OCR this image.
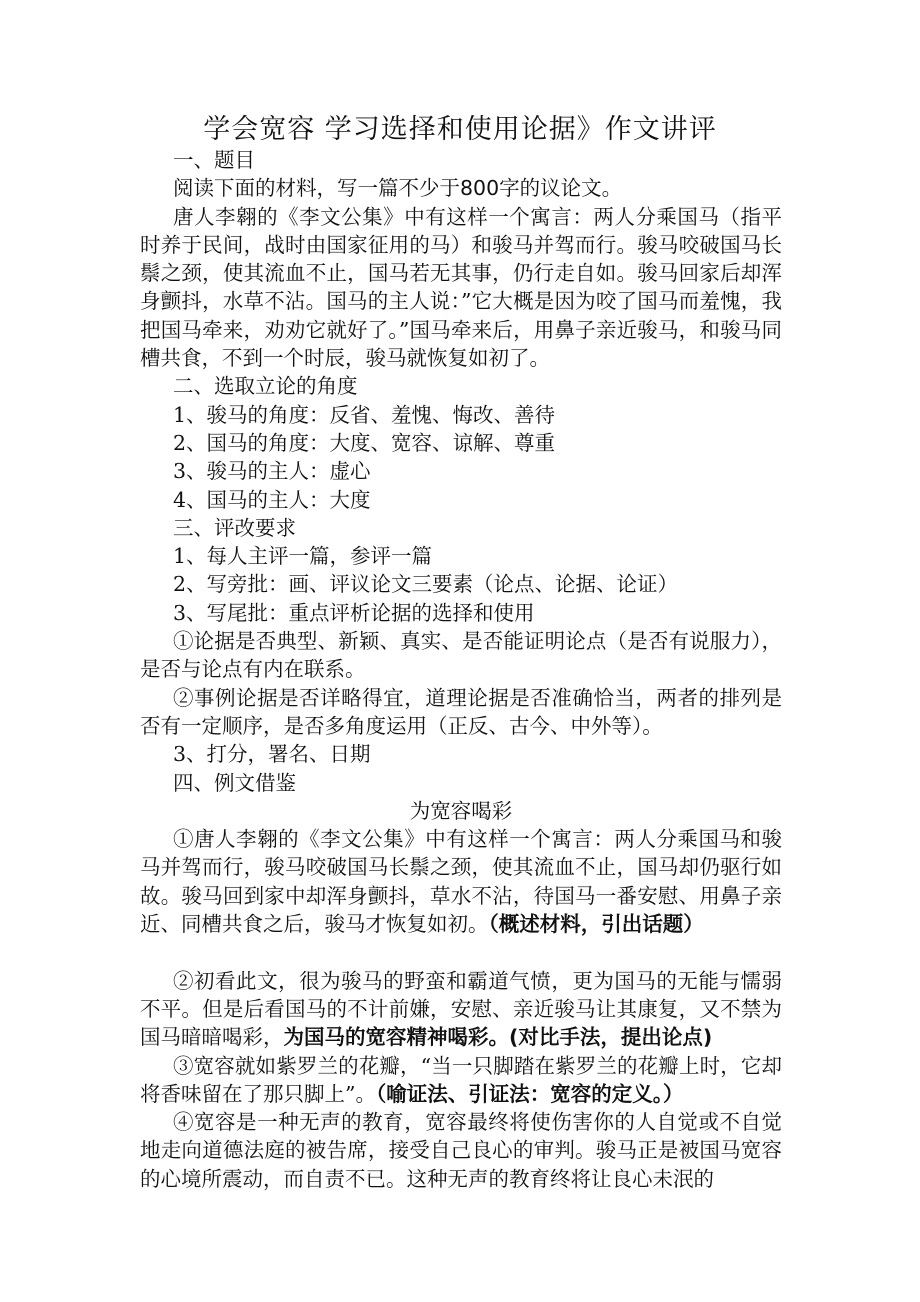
学会宽容 学习选择和使用论据》作文讲评

一、题目

阅读下面的材料，写一篇不少于800字的议论文。

唐人李翱的《李文公集》中有这样一个寓言：两人分乘国马（指平时养于民间，战时由国家征用的马）和骏马并驾而行。骏马咬破国马长鬃之颈，使其流血不止，国马若无其事，仍行走自如。骏马回家后却浑身颤抖，水草不沾。国马的主人说：”它大概是因为咬了国马而羞愧，我把国马牵来，劝劝它就好了。”国马牵来后，用鼻子亲近骏马，和骏马同槽共食，不到一个时辰，骏马就恢复如初了。

二、选取立论的角度

1、骏马的角度：反省、羞愧、悔改、善待

2、国马的角度：大度、宽容、谅解、尊重

3、骏马的主人：虚心

4、国马的主人：大度

三、评改要求

1、每人主评一篇，参评一篇

2、写旁批：画、评议论文三要素（论点、论据、论证）

3、写尾批：重点评析论据的选择和使用

①论据是否典型、新颖、真实、是否能证明论点（是否有说服力），是否与论点有内在联系。

②事例论据是否详略得宜，道理论据是否准确恰当，两者的排列是否有一定顺序，是否多角度运用（正反、古今、中外等）。

3、打分，署名、日期

四、例文借鉴

为宽容喝彩

①唐人李翱的《李文公集》中有这样一个寓言：两人分乘国马和骏马并驾而行，骏马咬破国马长鬃之颈，使其流血不止，国马却仍驱行如故。骏马回到家中却浑身颤抖，草水不沾，待国马一番安慰、用鼻子亲近、同槽共食之后，骏马才恢复如初。（概述材料，引出话题）

②初看此文，很为骏马的野蛮和霸道气愤，更为国马的无能与懦弱不平。但是后看国马的不计前嫌，安慰、亲近骏马让其康复，又不禁为国马暗暗喝彩，为国马的宽容精神喝彩。(对比手法，提出论点)

③宽容就如紫罗兰的花瓣，“当一只脚踏在紫罗兰的花瓣上时，它却将香味留在了那只脚上”。（喻证法、引证法：宽容的定义。）

④宽容是一种无声的教育，宽容最终将使伤害你的人自觉或不自觉地走向道德法庭的被告席，接受自己良心的审判。骏马正是被国马宽容的心境所震动，而自责不已。这种无声的教育终将让良心未泯的
